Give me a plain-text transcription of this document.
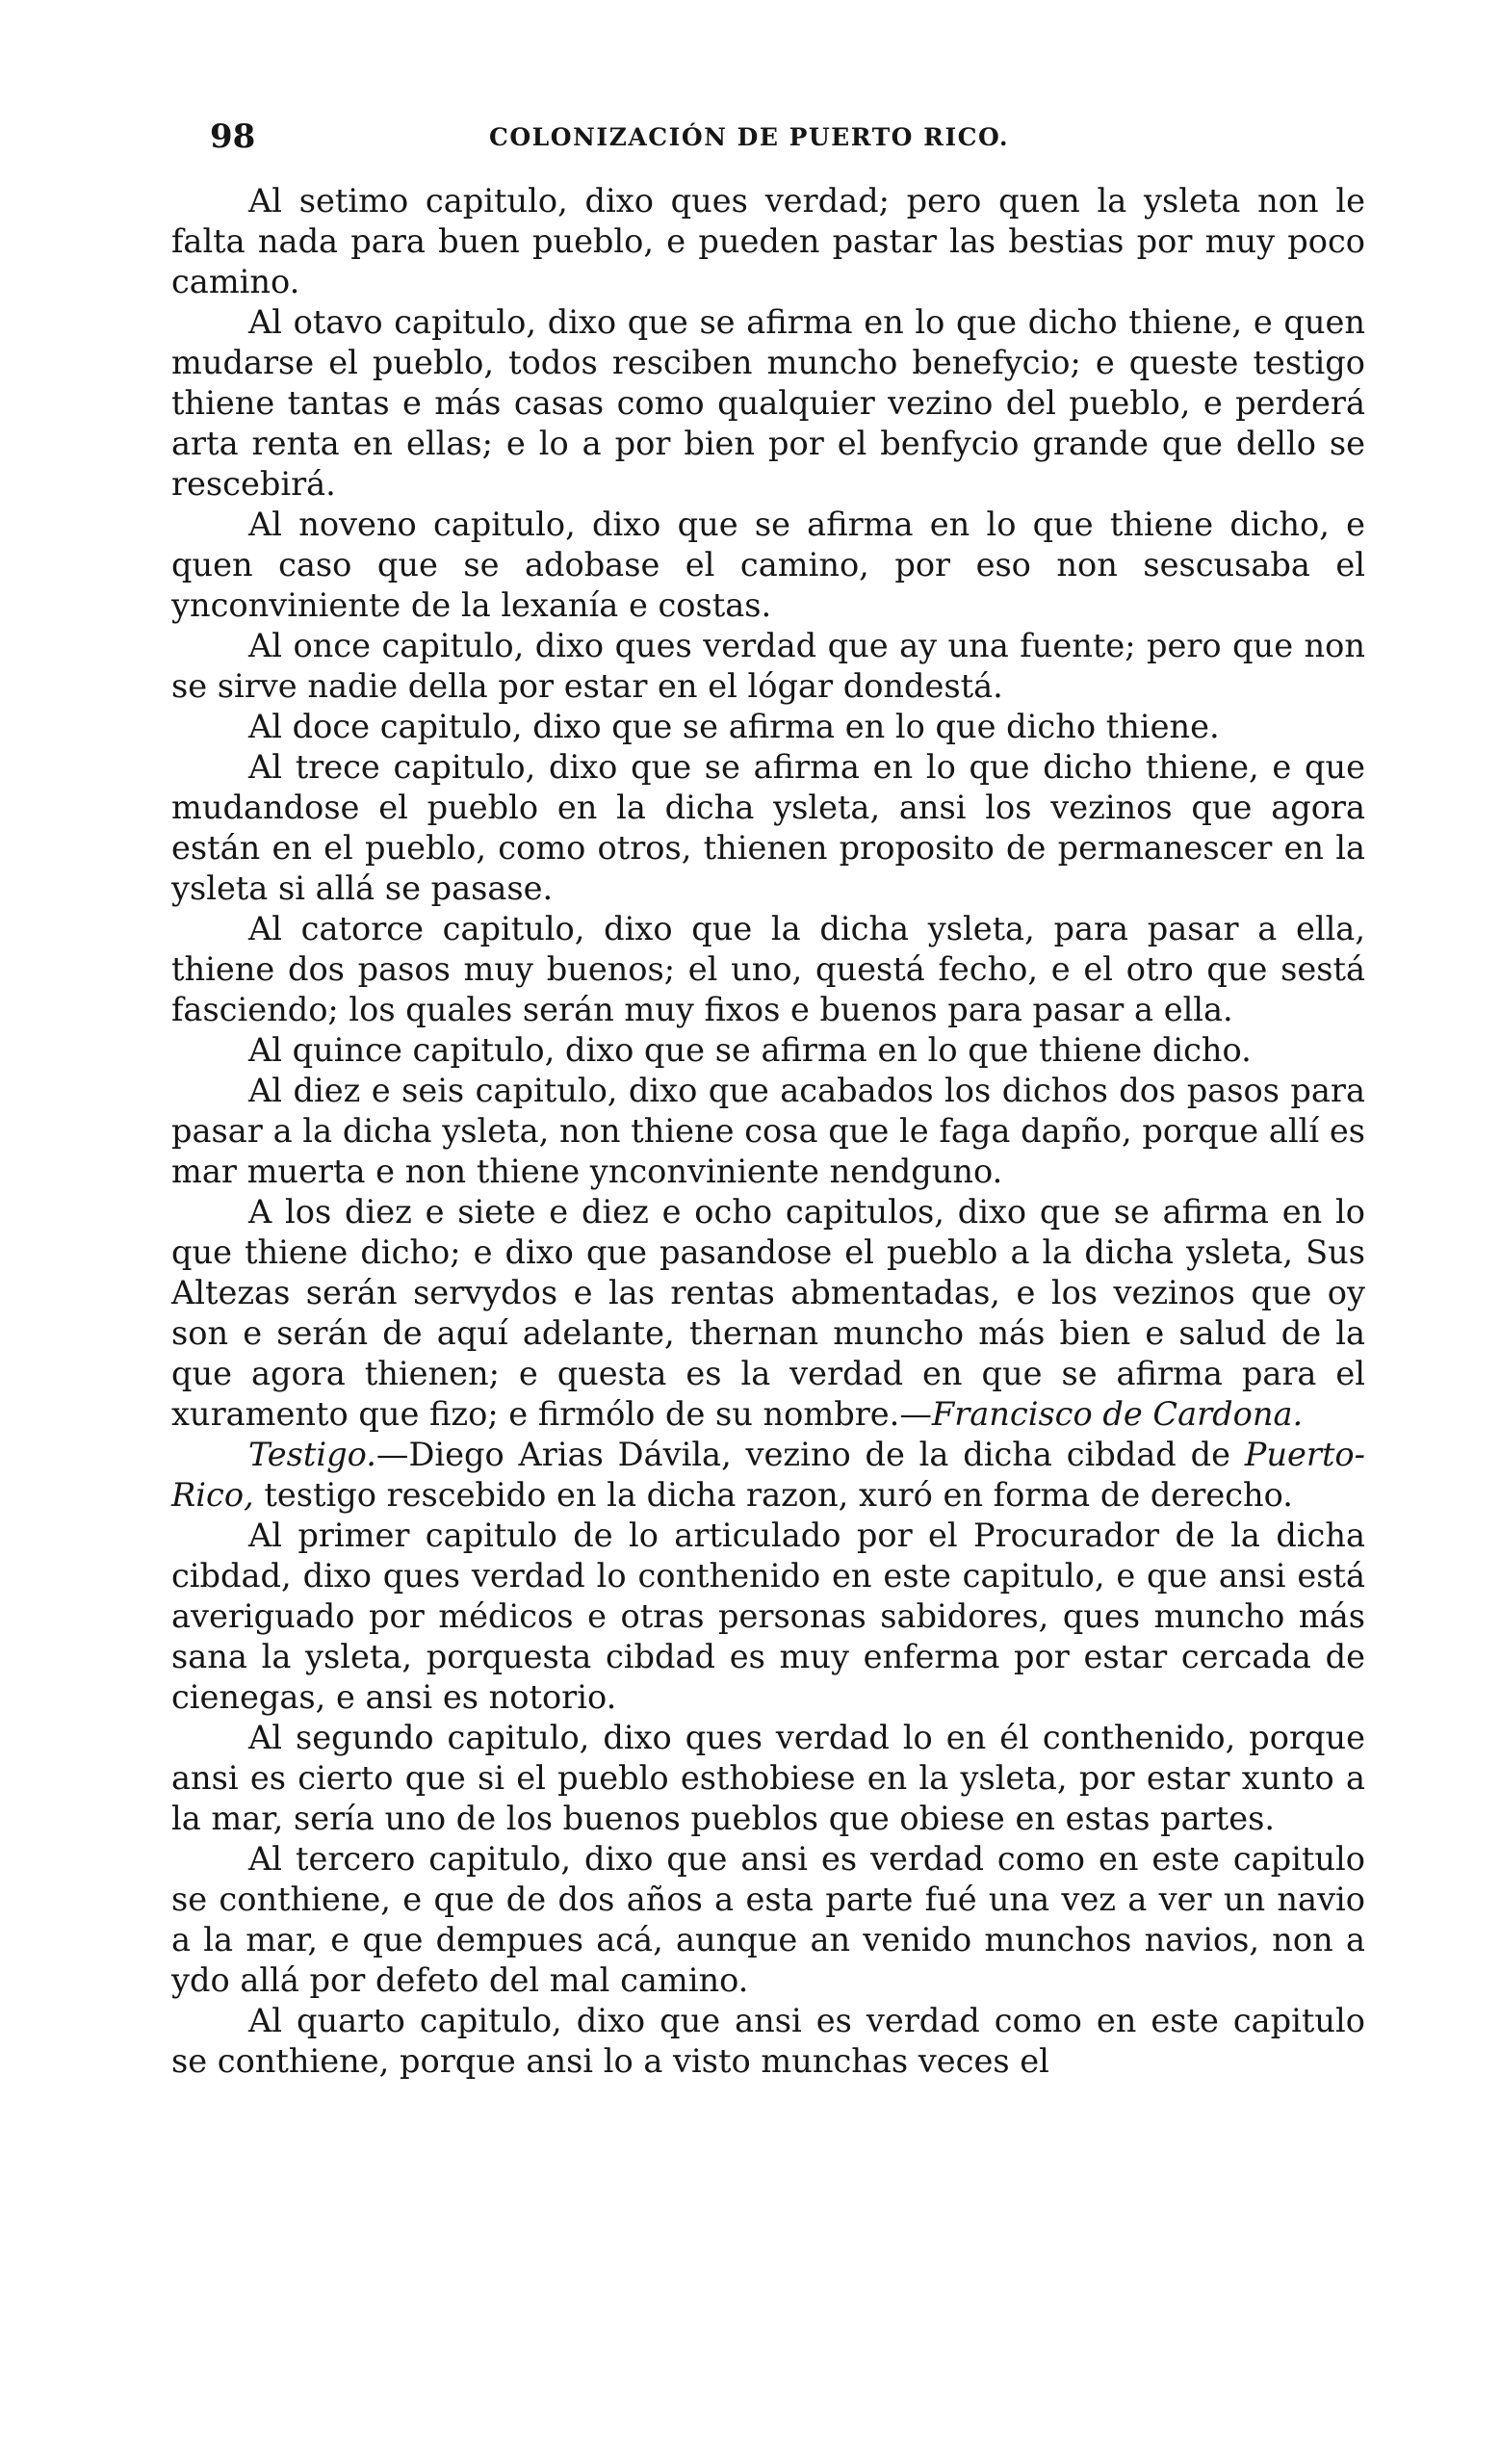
98	COLONIZACIÓN DE PUERTO RICO.

Al setimo capitulo, dixo ques verdad; pero quen la ysleta non le falta nada para buen pueblo, e pueden pastar las bestias por muy poco camino.

Al otavo capitulo, dixo que se afirma en lo que dicho thiene, e quen mudarse el pueblo, todos resciben muncho benefycio; e queste testigo thiene tantas e más casas como qualquier vezino del pueblo, e perderá arta renta en ellas; e lo a por bien por el benfycio grande que dello se rescebirá.

Al noveno capitulo, dixo que se afirma en lo que thiene dicho, e quen caso que se adobase el camino, por eso non sescusaba el ynconviniente de la lexanía e costas.

Al once capitulo, dixo ques verdad que ay una fuente; pero que non se sirve nadie della por estar en el lógar dondestá.

Al doce capitulo, dixo que se afirma en lo que dicho thiene.

Al trece capitulo, dixo que se afirma en lo que dicho thiene, e que mudandose el pueblo en la dicha ysleta, ansi los vezinos que agora están en el pueblo, como otros, thienen proposito de permanescer en la ysleta si allá se pasase.

Al catorce capitulo, dixo que la dicha ysleta, para pasar a ella, thiene dos pasos muy buenos; el uno, questá fecho, e el otro que sestá fasciendo; los quales serán muy fixos e buenos para pasar a ella.

Al quince capitulo, dixo que se afirma en lo que thiene dicho.

Al diez e seis capitulo, dixo que acabados los dichos dos pasos para pasar a la dicha ysleta, non thiene cosa que le faga dapño, porque allí es mar muerta e non thiene ynconviniente nendguno.

A los diez e siete e diez e ocho capitulos, dixo que se afirma en lo que thiene dicho; e dixo que pasandose el pueblo a la dicha ysleta, Sus Altezas serán servydos e las rentas abmentadas, e los vezinos que oy son e serán de aquí adelante, thernan muncho más bien e salud de la que agora thienen; e questa es la verdad en que se afirma para el xuramento que fizo; e firmólo de su nombre.—Francisco de Cardona.

Testigo.—Diego Arias Dávila, vezino de la dicha cibdad de Puerto-Rico, testigo rescebido en la dicha razon, xuró en forma de derecho.

Al primer capitulo de lo articulado por el Procurador de la dicha cibdad, dixo ques verdad lo conthenido en este capitulo, e que ansi está averiguado por médicos e otras personas sabidores, ques muncho más sana la ysleta, porquesta cibdad es muy enferma por estar cercada de cienegas, e ansi es notorio.

Al segundo capitulo, dixo ques verdad lo en él conthenido, porque ansi es cierto que si el pueblo esthobiese en la ysleta, por estar xunto a la mar, sería uno de los buenos pueblos que obiese en estas partes.

Al tercero capitulo, dixo que ansi es verdad como en este capitulo se conthiene, e que de dos años a esta parte fué una vez a ver un navio a la mar, e que dempues acá, aunque an venido munchos navios, non a ydo allá por defeto del mal camino.

Al quarto capitulo, dixo que ansi es verdad como en este capitulo se conthiene, porque ansi lo a visto munchas veces el
